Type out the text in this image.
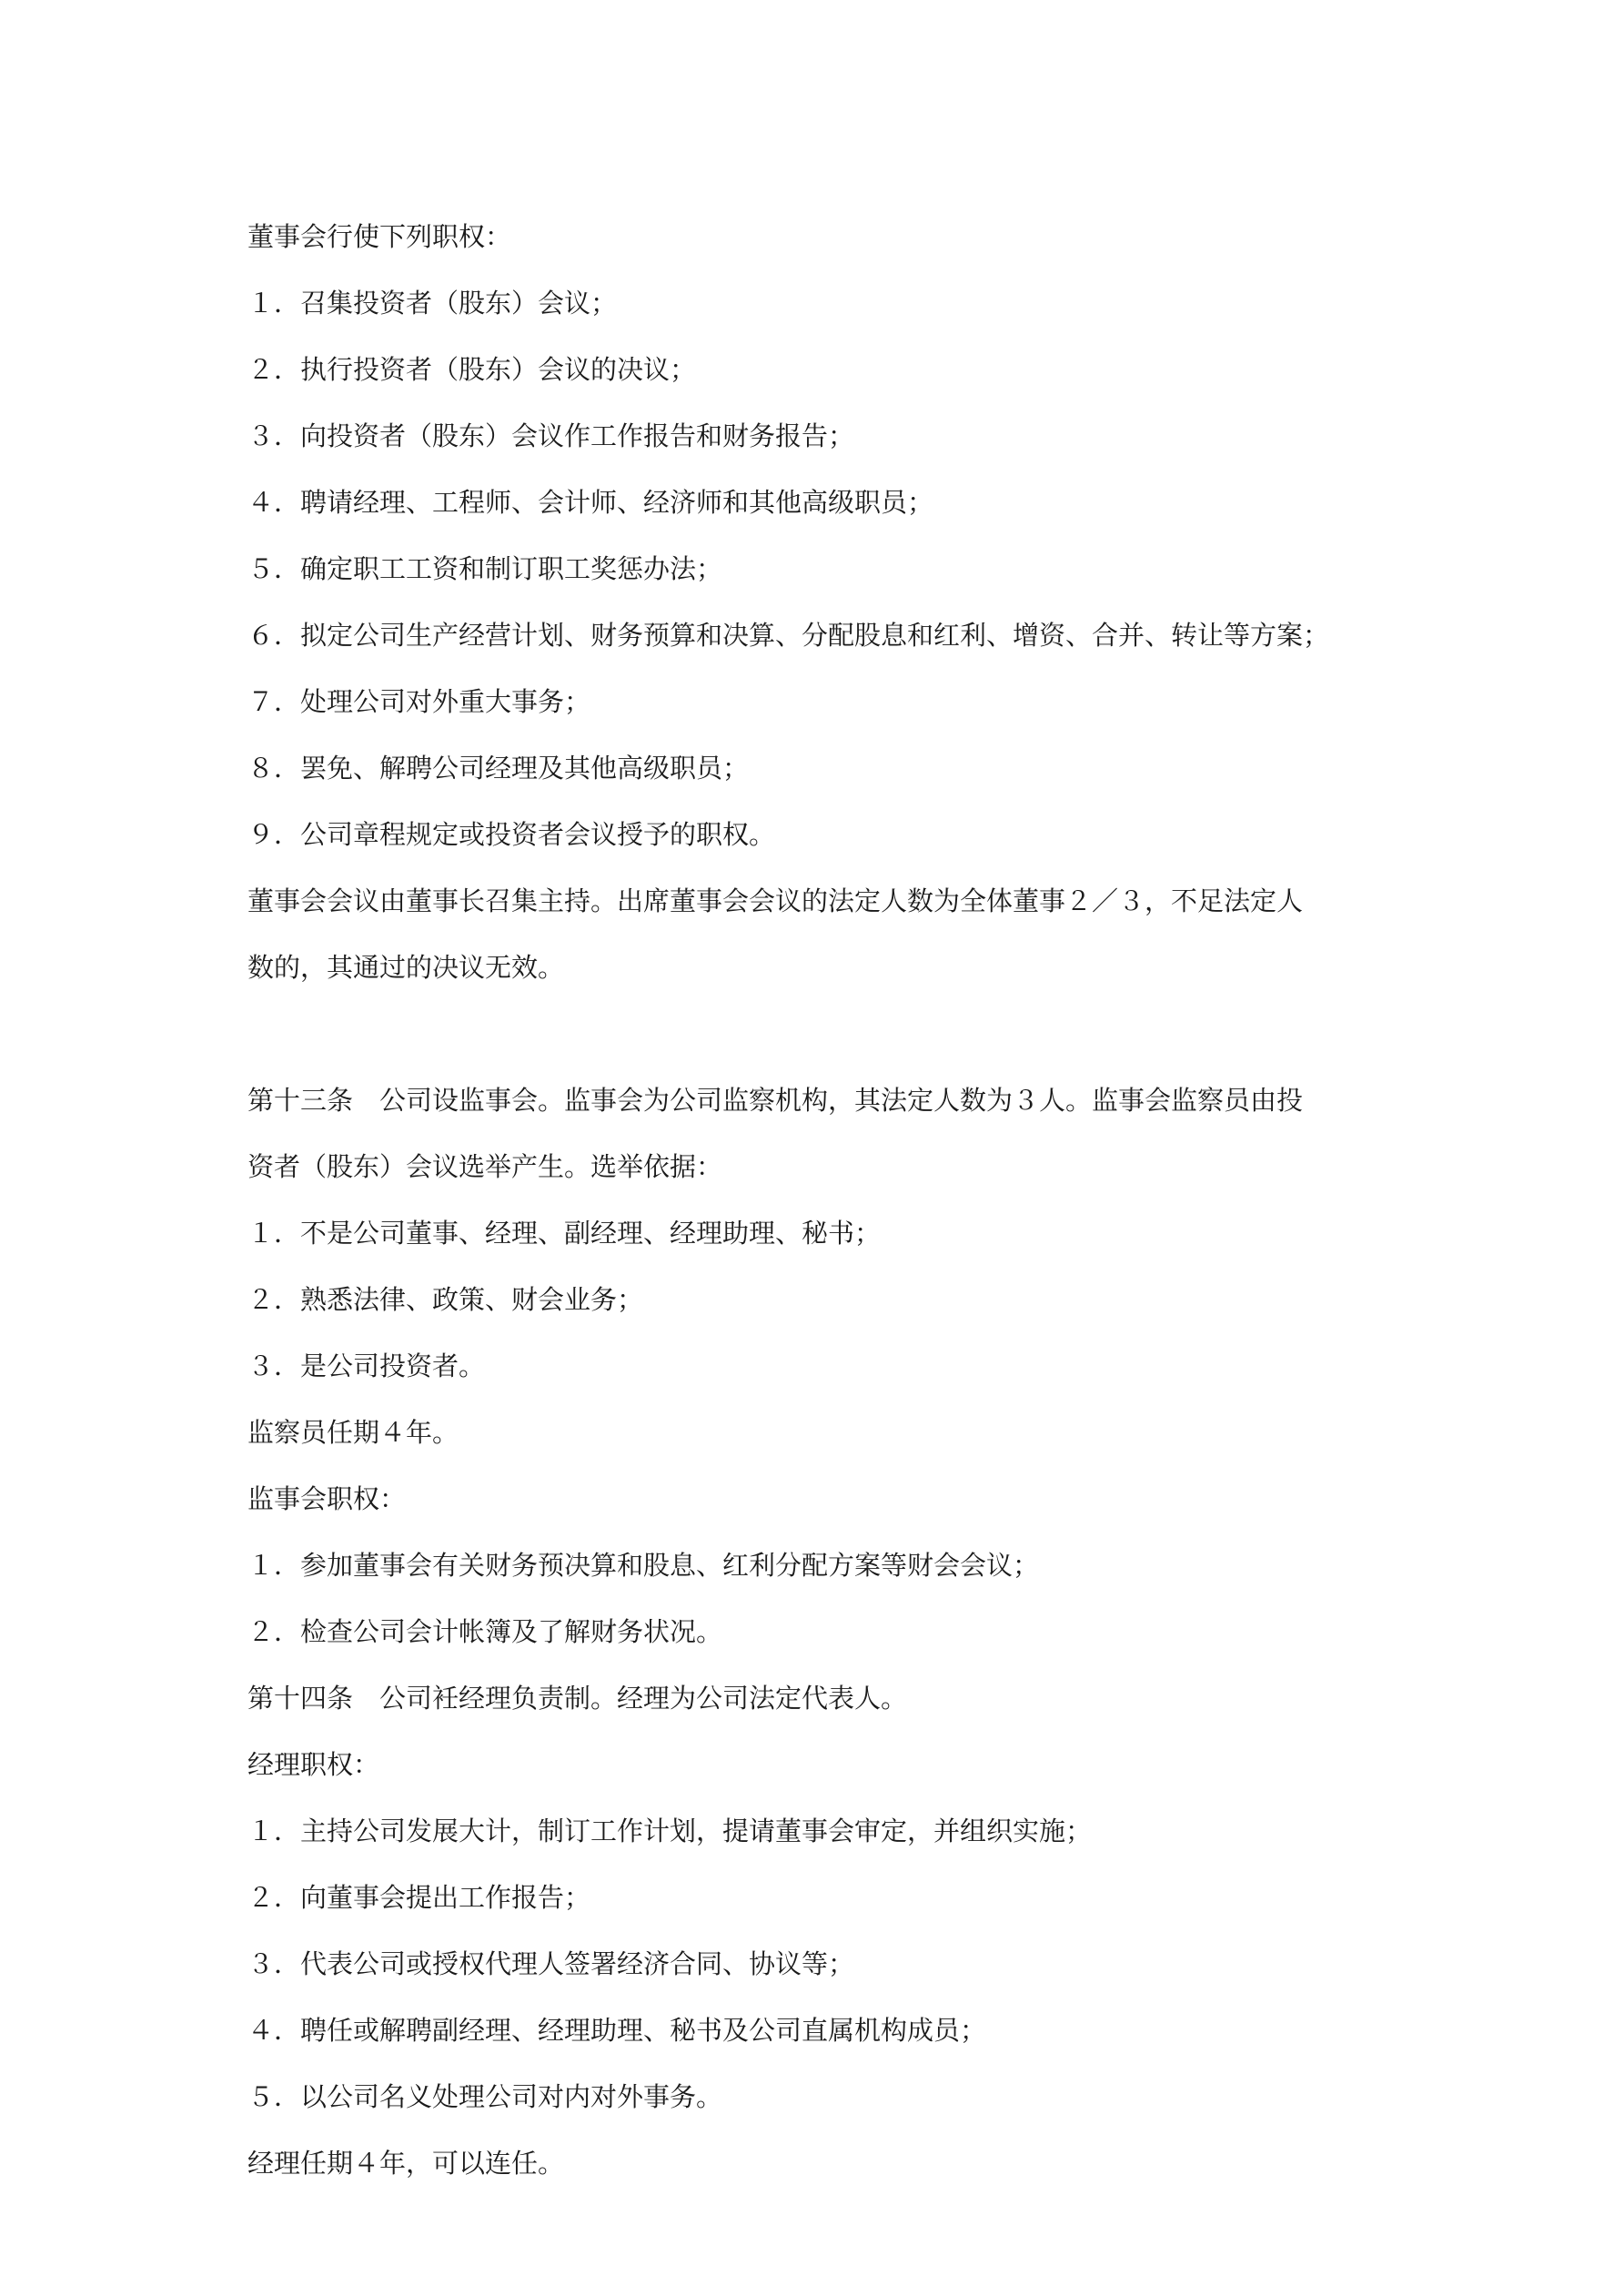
董事会行使下列职权：
１．召集投资者（股东）会议；
２．执行投资者（股东）会议的决议；
３．向投资者（股东）会议作工作报告和财务报告；
４．聘请经理、工程师、会计师、经济师和其他高级职员；
５．确定职工工资和制订职工奖惩办法；
６．拟定公司生产经营计划、财务预算和决算、分配股息和红利、增资、合并、转让等方案；
７．处理公司对外重大事务；
８．罢免、解聘公司经理及其他高级职员；
９．公司章程规定或投资者会议授予的职权。
董事会会议由董事长召集主持。出席董事会会议的法定人数为全体董事２／３，不足法定人
数的，其通过的决议无效。
第十三条　公司设监事会。监事会为公司监察机构，其法定人数为３人。监事会监察员由投
资者（股东）会议选举产生。选举依据：
１．不是公司董事、经理、副经理、经理助理、秘书；
２．熟悉法律、政策、财会业务；
３．是公司投资者。
监察员任期４年。
监事会职权：
１．参加董事会有关财务预决算和股息、红利分配方案等财会会议；
２．检查公司会计帐簿及了解财务状况。
第十四条　公司衽经理负责制。经理为公司法定代表人。
经理职权：
１．主持公司发展大计，制订工作计划，提请董事会审定，并组织实施；
２．向董事会提出工作报告；
３．代表公司或授权代理人签署经济合同、协议等；
４．聘任或解聘副经理、经理助理、秘书及公司直属机构成员；
５．以公司名义处理公司对内对外事务。
经理任期４年，可以连任。
